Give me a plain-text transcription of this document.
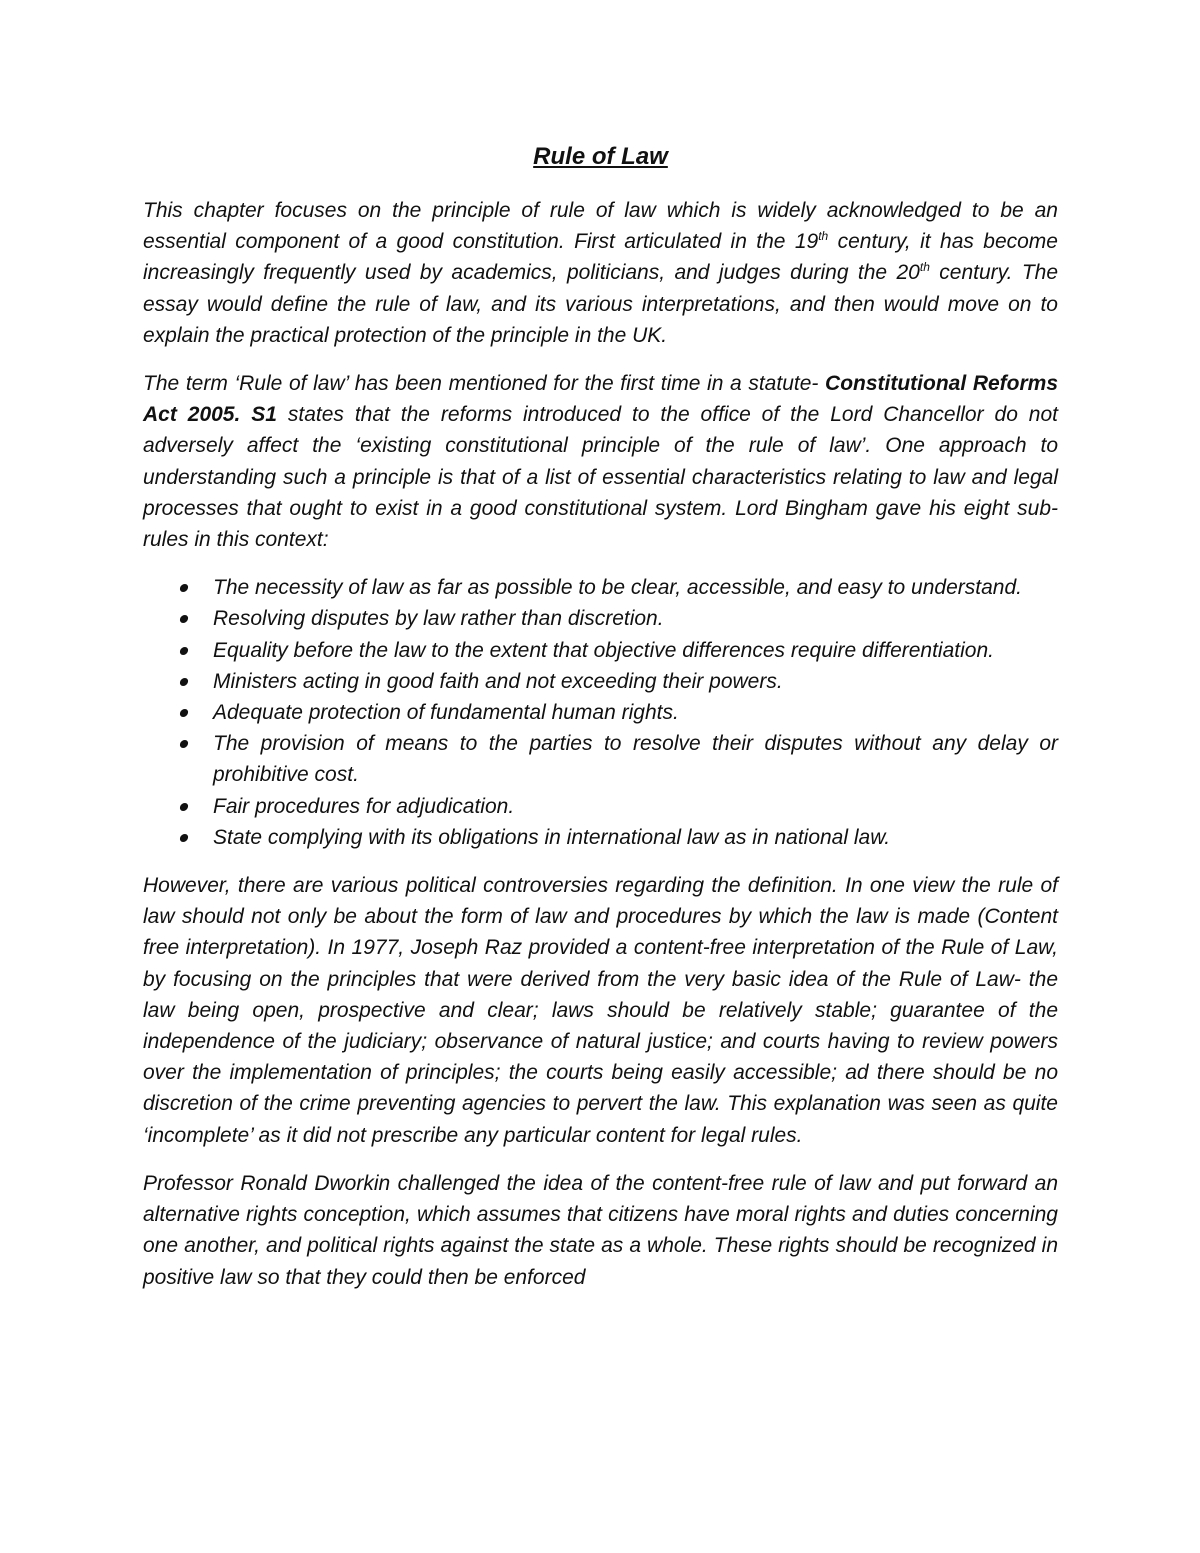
Rule of Law

This chapter focuses on the principle of rule of law which is widely acknowledged to be an essential component of a good constitution. First articulated in the 19th century, it has become increasingly frequently used by academics, politicians, and judges during the 20th century. The essay would define the rule of law, and its various interpretations, and then would move on to explain the practical protection of the principle in the UK.

The term ‘Rule of law’ has been mentioned for the first time in a statute- Constitutional Reforms Act 2005. S1 states that the reforms introduced to the office of the Lord Chancellor do not adversely affect the ‘existing constitutional principle of the rule of law’. One approach to understanding such a principle is that of a list of essential characteristics relating to law and legal processes that ought to exist in a good constitutional system. Lord Bingham gave his eight sub-rules in this context:

The necessity of law as far as possible to be clear, accessible, and easy to understand.
Resolving disputes by law rather than discretion.
Equality before the law to the extent that objective differences require differentiation.
Ministers acting in good faith and not exceeding their powers.
Adequate protection of fundamental human rights.
The provision of means to the parties to resolve their disputes without any delay or prohibitive cost.
Fair procedures for adjudication.
State complying with its obligations in international law as in national law.

However, there are various political controversies regarding the definition. In one view the rule of law should not only be about the form of law and procedures by which the law is made (Content free interpretation). In 1977, Joseph Raz provided a content-free interpretation of the Rule of Law, by focusing on the principles that were derived from the very basic idea of the Rule of Law- the law being open, prospective and clear; laws should be relatively stable; guarantee of the independence of the judiciary; observance of natural justice; and courts having to review powers over the implementation of principles; the courts being easily accessible; ad there should be no discretion of the crime preventing agencies to pervert the law. This explanation was seen as quite ‘incomplete’ as it did not prescribe any particular content for legal rules.

Professor Ronald Dworkin challenged the idea of the content-free rule of law and put forward an alternative rights conception, which assumes that citizens have moral rights and duties concerning one another, and political rights against the state as a whole. These rights should be recognized in positive law so that they could then be enforced
